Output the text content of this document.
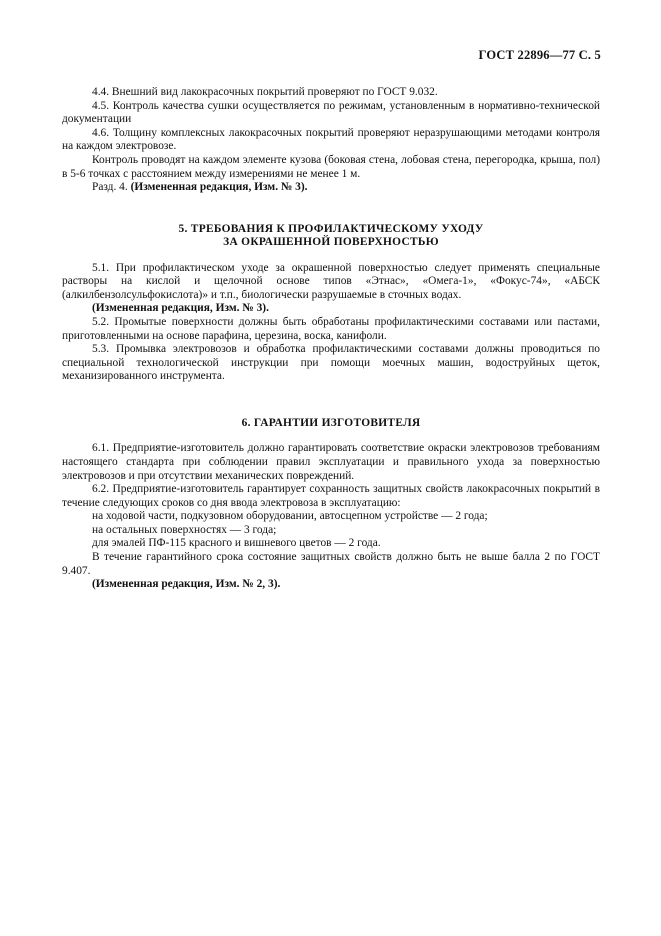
ГОСТ 22896—77 С. 5

4.4. Внешний вид лакокрасочных покрытий проверяют по ГОСТ 9.032.

4.5. Контроль качества сушки осуществляется по режимам, установленным в нормативно-технической документации

4.6. Толщину комплексных лакокрасочных покрытий проверяют неразрушающими методами контроля на каждом электровозе.

Контроль проводят на каждом элементе кузова (боковая стена, лобовая стена, перегородка, крыша, пол) в 5-6 точках с расстоянием между измерениями не менее 1 м.

Разд. 4. (Измененная редакция, Изм. № 3).

5. ТРЕБОВАНИЯ К ПРОФИЛАКТИЧЕСКОМУ УХОДУ

ЗА ОКРАШЕННОЙ ПОВЕРХНОСТЬЮ

5.1. При профилактическом уходе за окрашенной поверхностью следует применять специальные растворы на кислой и щелочной основе типов «Этнас», «Омега-1», «Фокус-74», «АБСК (алкилбензолсульфокислота)» и т.п., биологически разрушаемые в сточных водах.

(Измененная редакция, Изм. № 3).

5.2. Промытые поверхности должны быть обработаны профилактическими составами или пастами, приготовленными на основе парафина, церезина, воска, канифоли.

5.3. Промывка электровозов и обработка профилактическими составами должны проводиться по специальной технологической инструкции при помощи моечных машин, водоструйных щеток, механизированного инструмента.

6. ГАРАНТИИ ИЗГОТОВИТЕЛЯ

6.1. Предприятие-изготовитель должно гарантировать соответствие окраски электровозов требованиям настоящего стандарта при соблюдении правил эксплуатации и правильного ухода за поверхностью электровозов и при отсутствии механических повреждений.

6.2. Предприятие-изготовитель гарантирует сохранность защитных свойств лакокрасочных покрытий в течение следующих сроков со дня ввода электровоза в эксплуатацию:

на ходовой части, подкузовном оборудовании, автосцепном устройстве — 2 года;

на остальных поверхностях — 3 года;

для эмалей ПФ-115 красного и вишневого цветов — 2 года.

В течение гарантийного срока состояние защитных свойств должно быть не выше балла 2 по ГОСТ 9.407.

(Измененная редакция, Изм. № 2, 3).
